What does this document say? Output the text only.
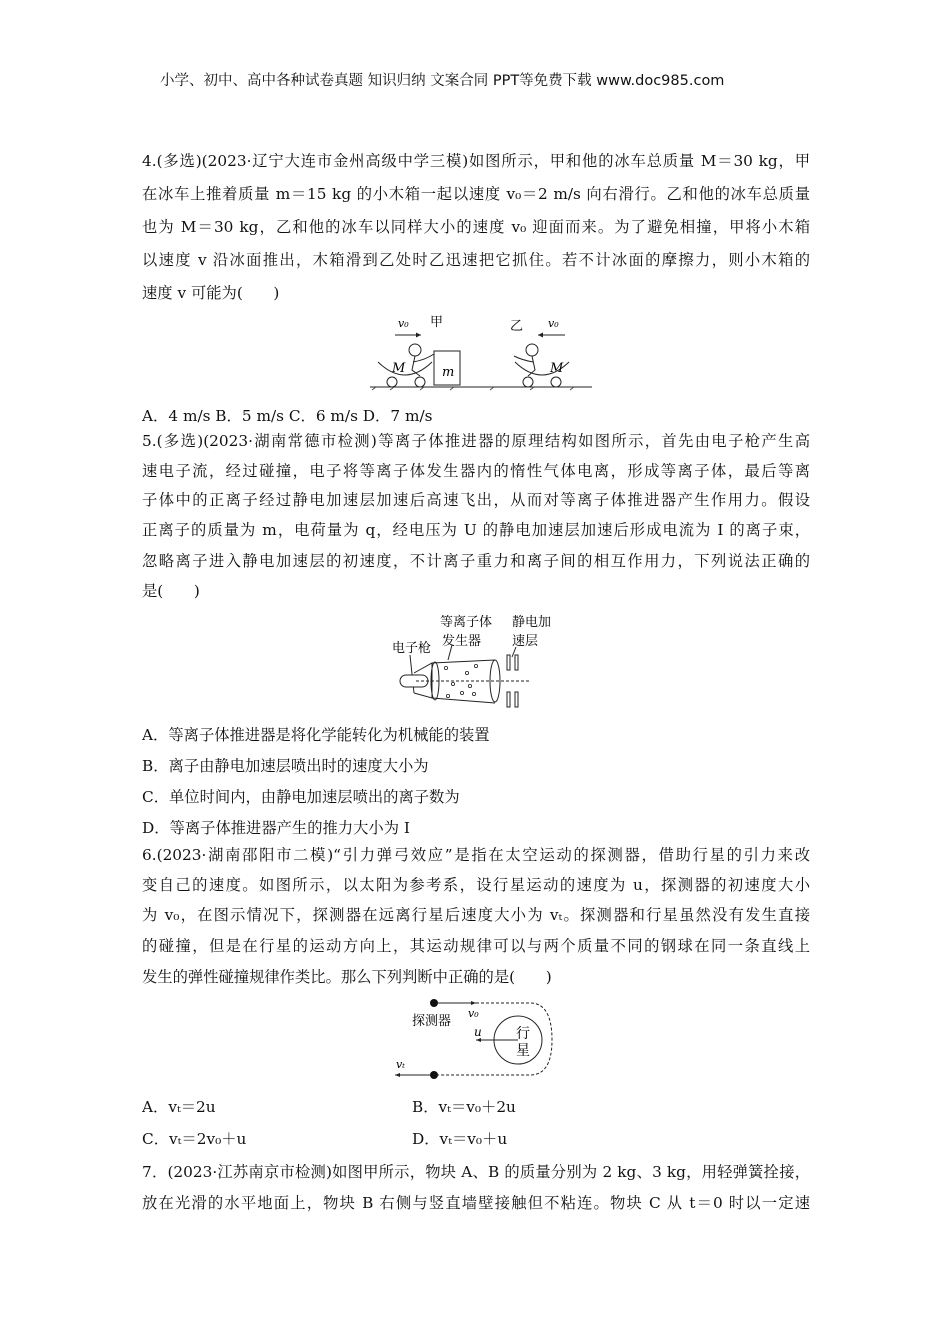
小学、初中、高中各种试卷真题 知识归纳 文案合同 PPT等免费下载 www.doc985.com
4.(多选)(2023·辽宁大连市金州高级中学三模)如图所示，甲和他的冰车总质量 M＝30 kg，甲
在冰车上推着质量 m＝15 kg 的小木箱一起以速度 v₀＝2 m/s 向右滑行。乙和他的冰车总质量
也为 M＝30 kg，乙和他的冰车以同样大小的速度 v₀ 迎面而来。为了避免相撞，甲将小木箱
以速度 v 沿冰面推出，木箱滑到乙处时乙迅速把它抓住。若不计冰面的摩擦力，则小木箱的
速度 v 可能为(　　)
M	m
v₀ 甲
M
乙 v₀
A．4 m/s B．5 m/s C．6 m/s D．7 m/s
5.(多选)(2023·湖南常德市检测)等离子体推进器的原理结构如图所示，首先由电子枪产生高
速电子流，经过碰撞，电子将等离子体发生器内的惰性气体电离，形成等离子体，最后等离
子体中的正离子经过静电加速层加速后高速飞出，从而对等离子体推进器产生作用力。假设
正离子的质量为 m，电荷量为 q，经电压为 U 的静电加速层加速后形成电流为 I 的离子束，
忽略离子进入静电加速层的初速度，不计离子重力和离子间的相互作用力，下列说法正确的
是(　　)
等离子体
发生器
静电加
速层
电子枪
A．等离子体推进器是将化学能转化为机械能的装置
B．离子由静电加速层喷出时的速度大小为
C．单位时间内，由静电加速层喷出的离子数为
D．等离子体推进器产生的推力大小为 I
6.(2023·湖南邵阳市二模)“引力弹弓效应”是指在太空运动的探测器，借助行星的引力来改
变自己的速度。如图所示，以太阳为参考系，设行星运动的速度为 u，探测器的初速度大小
为 v₀，在图示情况下，探测器在远离行星后速度大小为 vₜ。探测器和行星虽然没有发生直接
的碰撞，但是在行星的运动方向上，其运动规律可以与两个质量不同的钢球在同一条直线上
发生的弹性碰撞规律作类比。那么下列判断中正确的是(　　)
探测器
v₀
u 行
星
vₜ
A．vₜ＝2u	B．vₜ＝v₀＋2u
C．vₜ＝2v₀＋u	D．vₜ＝v₀＋u
7．(2023·江苏南京市检测)如图甲所示，物块 A、B 的质量分别为 2 kg、3 kg，用轻弹簧拴接，
放在光滑的水平地面上，物块 B 右侧与竖直墙壁接触但不粘连。物块 C 从 t＝0 时以一定速
